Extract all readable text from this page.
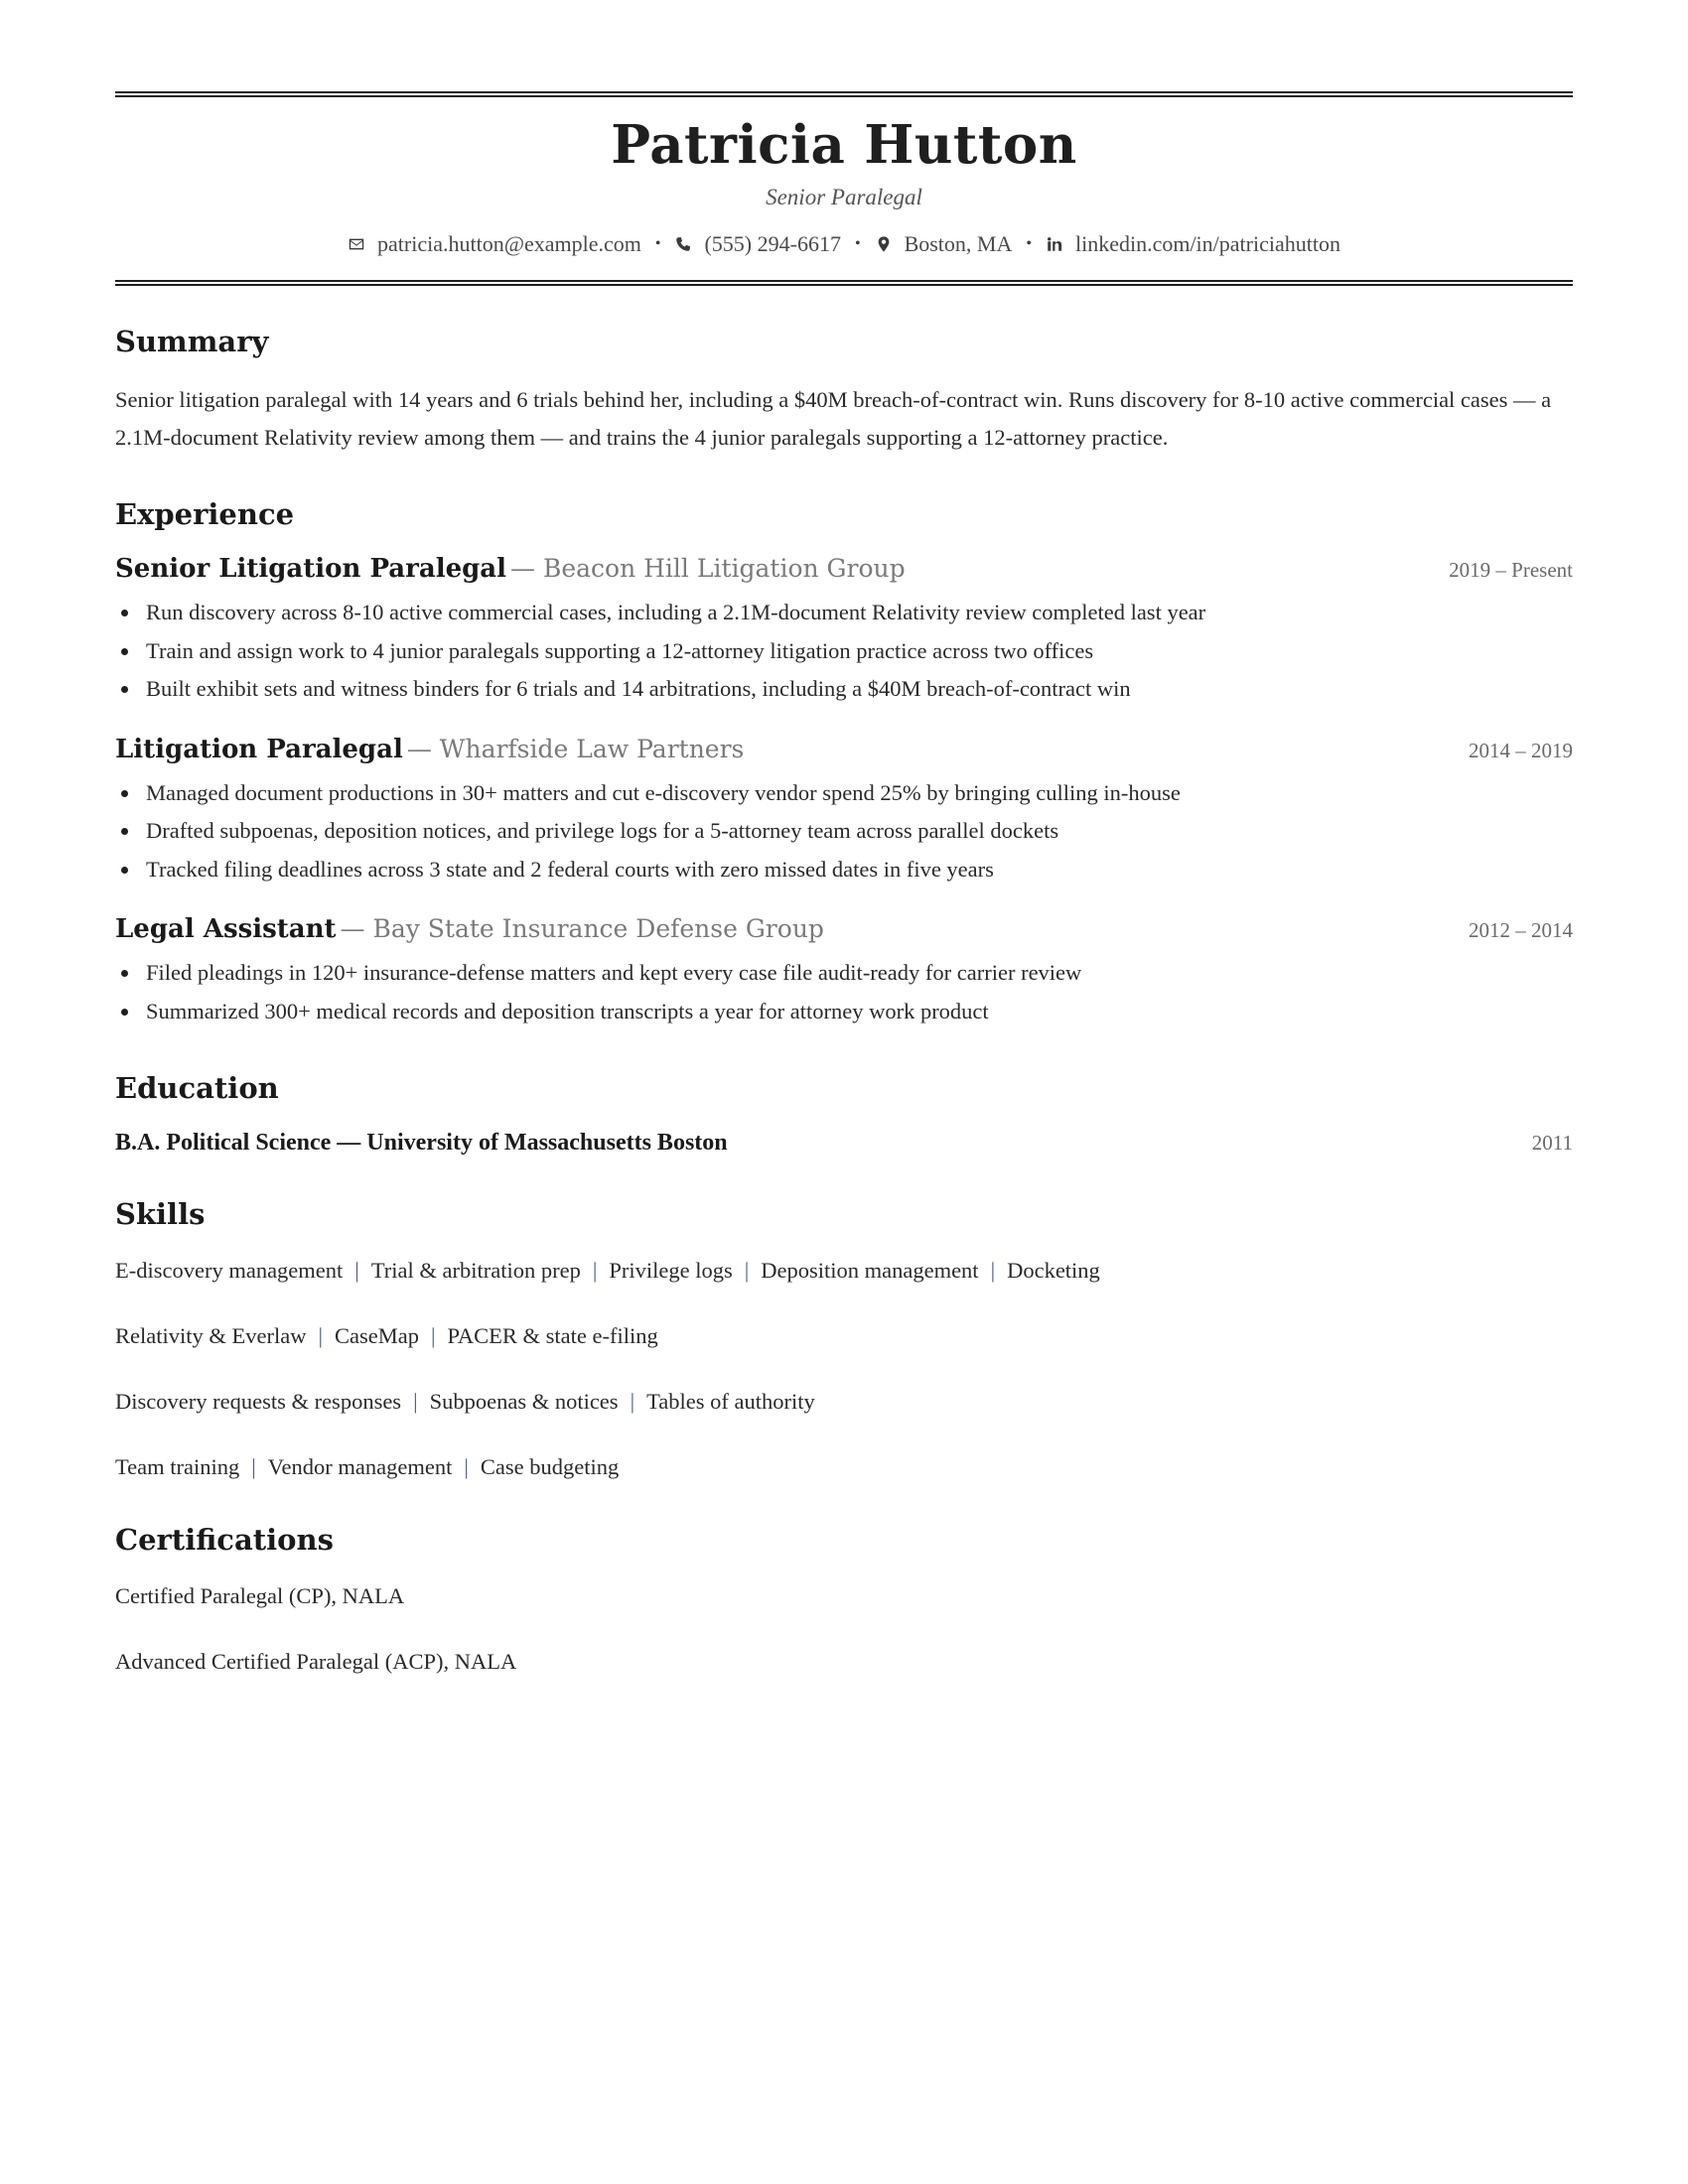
Patricia Hutton
Senior Paralegal
patricia.hutton@example.com • (555) 294-6617 • Boston, MA • linkedin.com/in/patriciahutton
Summary
Senior litigation paralegal with 14 years and 6 trials behind her, including a $40M breach-of-contract win. Runs discovery for 8-10 active commercial cases — a 2.1M-document Relativity review among them — and trains the 4 junior paralegals supporting a 12-attorney practice.
Experience
Senior Litigation Paralegal — Beacon Hill Litigation Group	2019 – Present
Run discovery across 8-10 active commercial cases, including a 2.1M-document Relativity review completed last year
Train and assign work to 4 junior paralegals supporting a 12-attorney litigation practice across two offices
Built exhibit sets and witness binders for 6 trials and 14 arbitrations, including a $40M breach-of-contract win
Litigation Paralegal — Wharfside Law Partners	2014 – 2019
Managed document productions in 30+ matters and cut e-discovery vendor spend 25% by bringing culling in-house
Drafted subpoenas, deposition notices, and privilege logs for a 5-attorney team across parallel dockets
Tracked filing deadlines across 3 state and 2 federal courts with zero missed dates in five years
Legal Assistant — Bay State Insurance Defense Group	2012 – 2014
Filed pleadings in 120+ insurance-defense matters and kept every case file audit-ready for carrier review
Summarized 300+ medical records and deposition transcripts a year for attorney work product
Education
B.A. Political Science — University of Massachusetts Boston	2011
Skills
E-discovery management | Trial & arbitration prep | Privilege logs | Deposition management | Docketing
Relativity & Everlaw | CaseMap | PACER & state e-filing
Discovery requests & responses | Subpoenas & notices | Tables of authority
Team training | Vendor management | Case budgeting
Certifications
Certified Paralegal (CP), NALA
Advanced Certified Paralegal (ACP), NALA
